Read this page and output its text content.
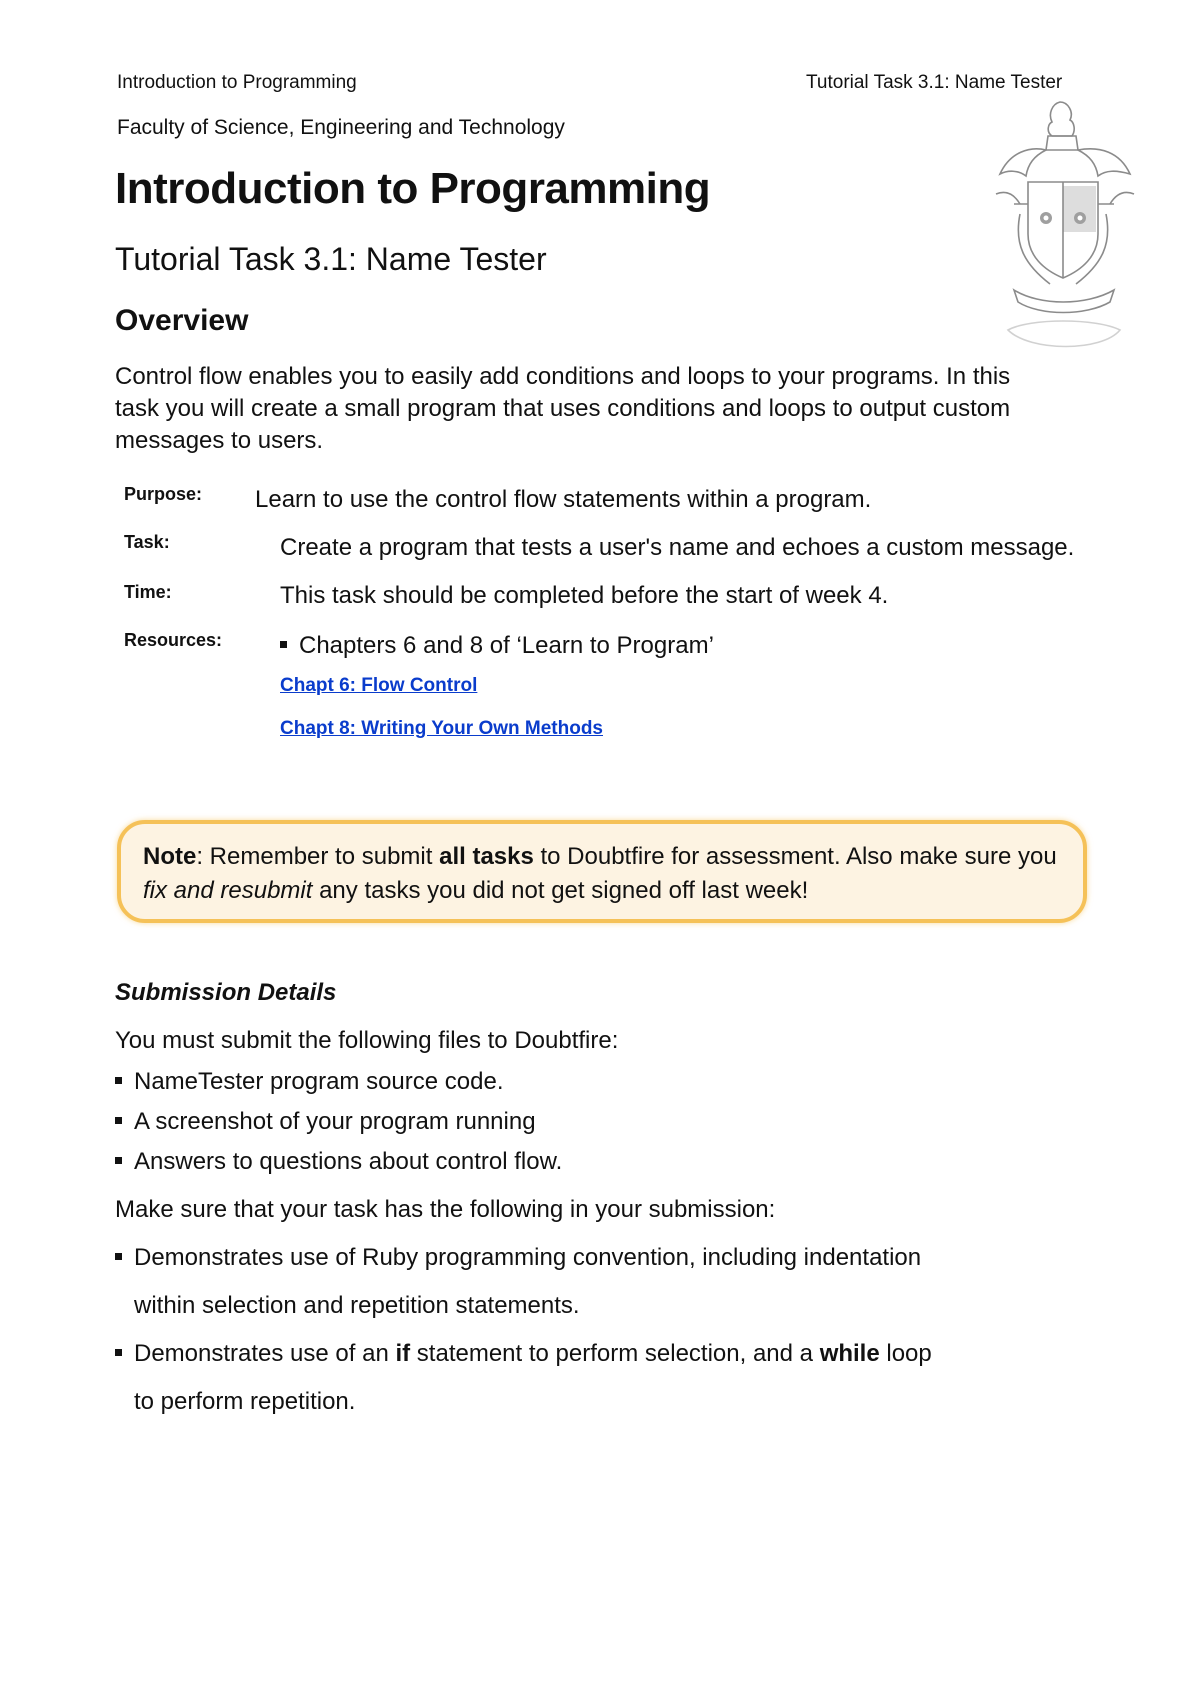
Introduction to Programming	Tutorial Task 3.1: Name Tester
Faculty of Science, Engineering and Technology
Introduction to Programming
Tutorial Task 3.1: Name Tester
Overview
Control flow enables you to easily add conditions and loops to your programs. In this task you will create a small program that uses conditions and loops to output custom messages to users.
Purpose: Learn to use the control flow statements within a program.
Task:	Create a program that tests a user's name and echoes a custom message.
Time:	This task should be completed before the start of week 4.
Resources:	Chapters 6 and 8 of ‘Learn to Program’
Chapt 6: Flow Control
Chapt 8: Writing Your Own Methods
Note: Remember to submit all tasks to Doubtfire for assessment. Also make sure you fix and resubmit any tasks you did not get signed off last week!
Submission Details
You must submit the following files to Doubtfire:
NameTester program source code.
A screenshot of your program running
Answers to questions about control flow.
Make sure that your task has the following in your submission:
Demonstrates use of Ruby programming convention, including indentation
within selection and repetition statements.
Demonstrates use of an if statement to perform selection, and a while loop
to perform repetition.
